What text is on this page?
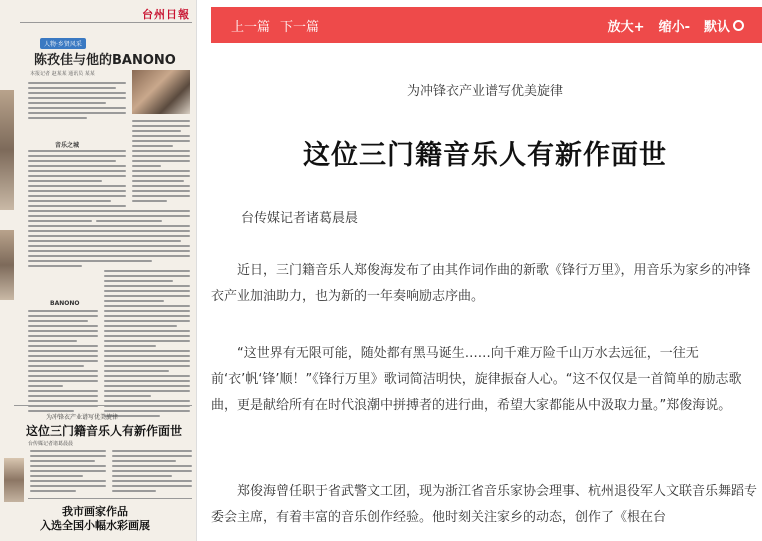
台州日報
人物·乡贤风采
陈孜佳与他的BANONO
本报记者 赵某某 通讯员 某某
音乐之城
BANONO
为冲锋衣产业谱写优美旋律
这位三门籍音乐人有新作面世
台传媒记者诸葛晨晨
我市画家作品
入选全国小幅水彩画展
上一篇 下一篇	放大+ 缩小- 默认
为冲锋衣产业谱写优美旋律
这位三门籍音乐人有新作面世
台传媒记者诸葛晨晨

近日，三门籍音乐人郑俊海发布了由其作词作曲的新歌《锋行万里》，用音乐为家乡的冲锋衣产业加油助力，也为新的一年奏响励志序曲。

“这世界有无限可能，随处都有黑马诞生……向千难万险千山万水去远征，一往无前‘衣’帆‘锋’顺！”《锋行万里》歌词简洁明快，旋律振奋人心。“这不仅仅是一首简单的励志歌曲，更是献给所有在时代浪潮中拼搏者的进行曲，希望大家都能从中汲取力量。”郑俊海说。

郑俊海曾任职于省武警文工团，现为浙江省音乐家协会理事、杭州退役军人文联音乐舞蹈专委会主席，有着丰富的音乐创作经验。他时刻关注家乡的动态，创作了《根在台
